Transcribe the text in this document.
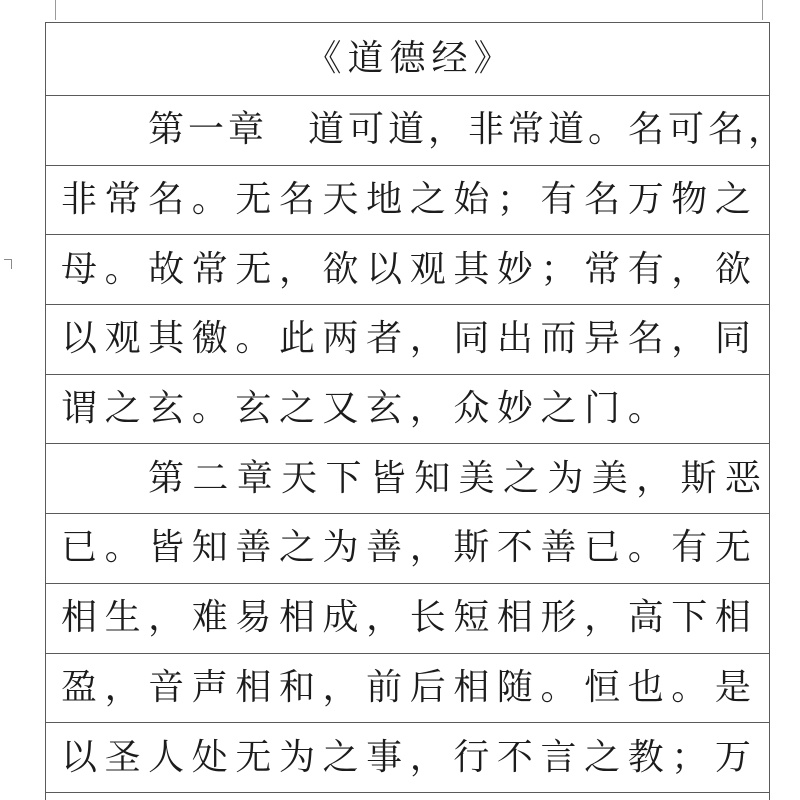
《 道 德 经 》
第 一 章
道 可 道 ， 非 常 道 。 名 可 名 ，
非 常 名 。 无 名 天 地 之 始 ； 有 名 万 物 之
母 。 故 常 无 ， 欲 以 观 其 妙 ； 常 有 ， 欲
以 观 其 徼 。 此 两 者 ， 同 出 而 异 名 ， 同
谓 之 玄 。 玄 之 又 玄 ， 众 妙 之 门 。
第 二 章 天 下 皆 知 美 之 为 美 ， 斯 恶
已 。 皆 知 善 之 为 善 ， 斯 不 善 已 。 有 无
相 生 ， 难 易 相 成 ， 长 短 相 形 ， 高 下 相
盈 ， 音 声 相 和 ， 前 后 相 随 。 恒 也 。 是
以 圣 人 处 无 为 之 事 ， 行 不 言 之 教 ； 万
